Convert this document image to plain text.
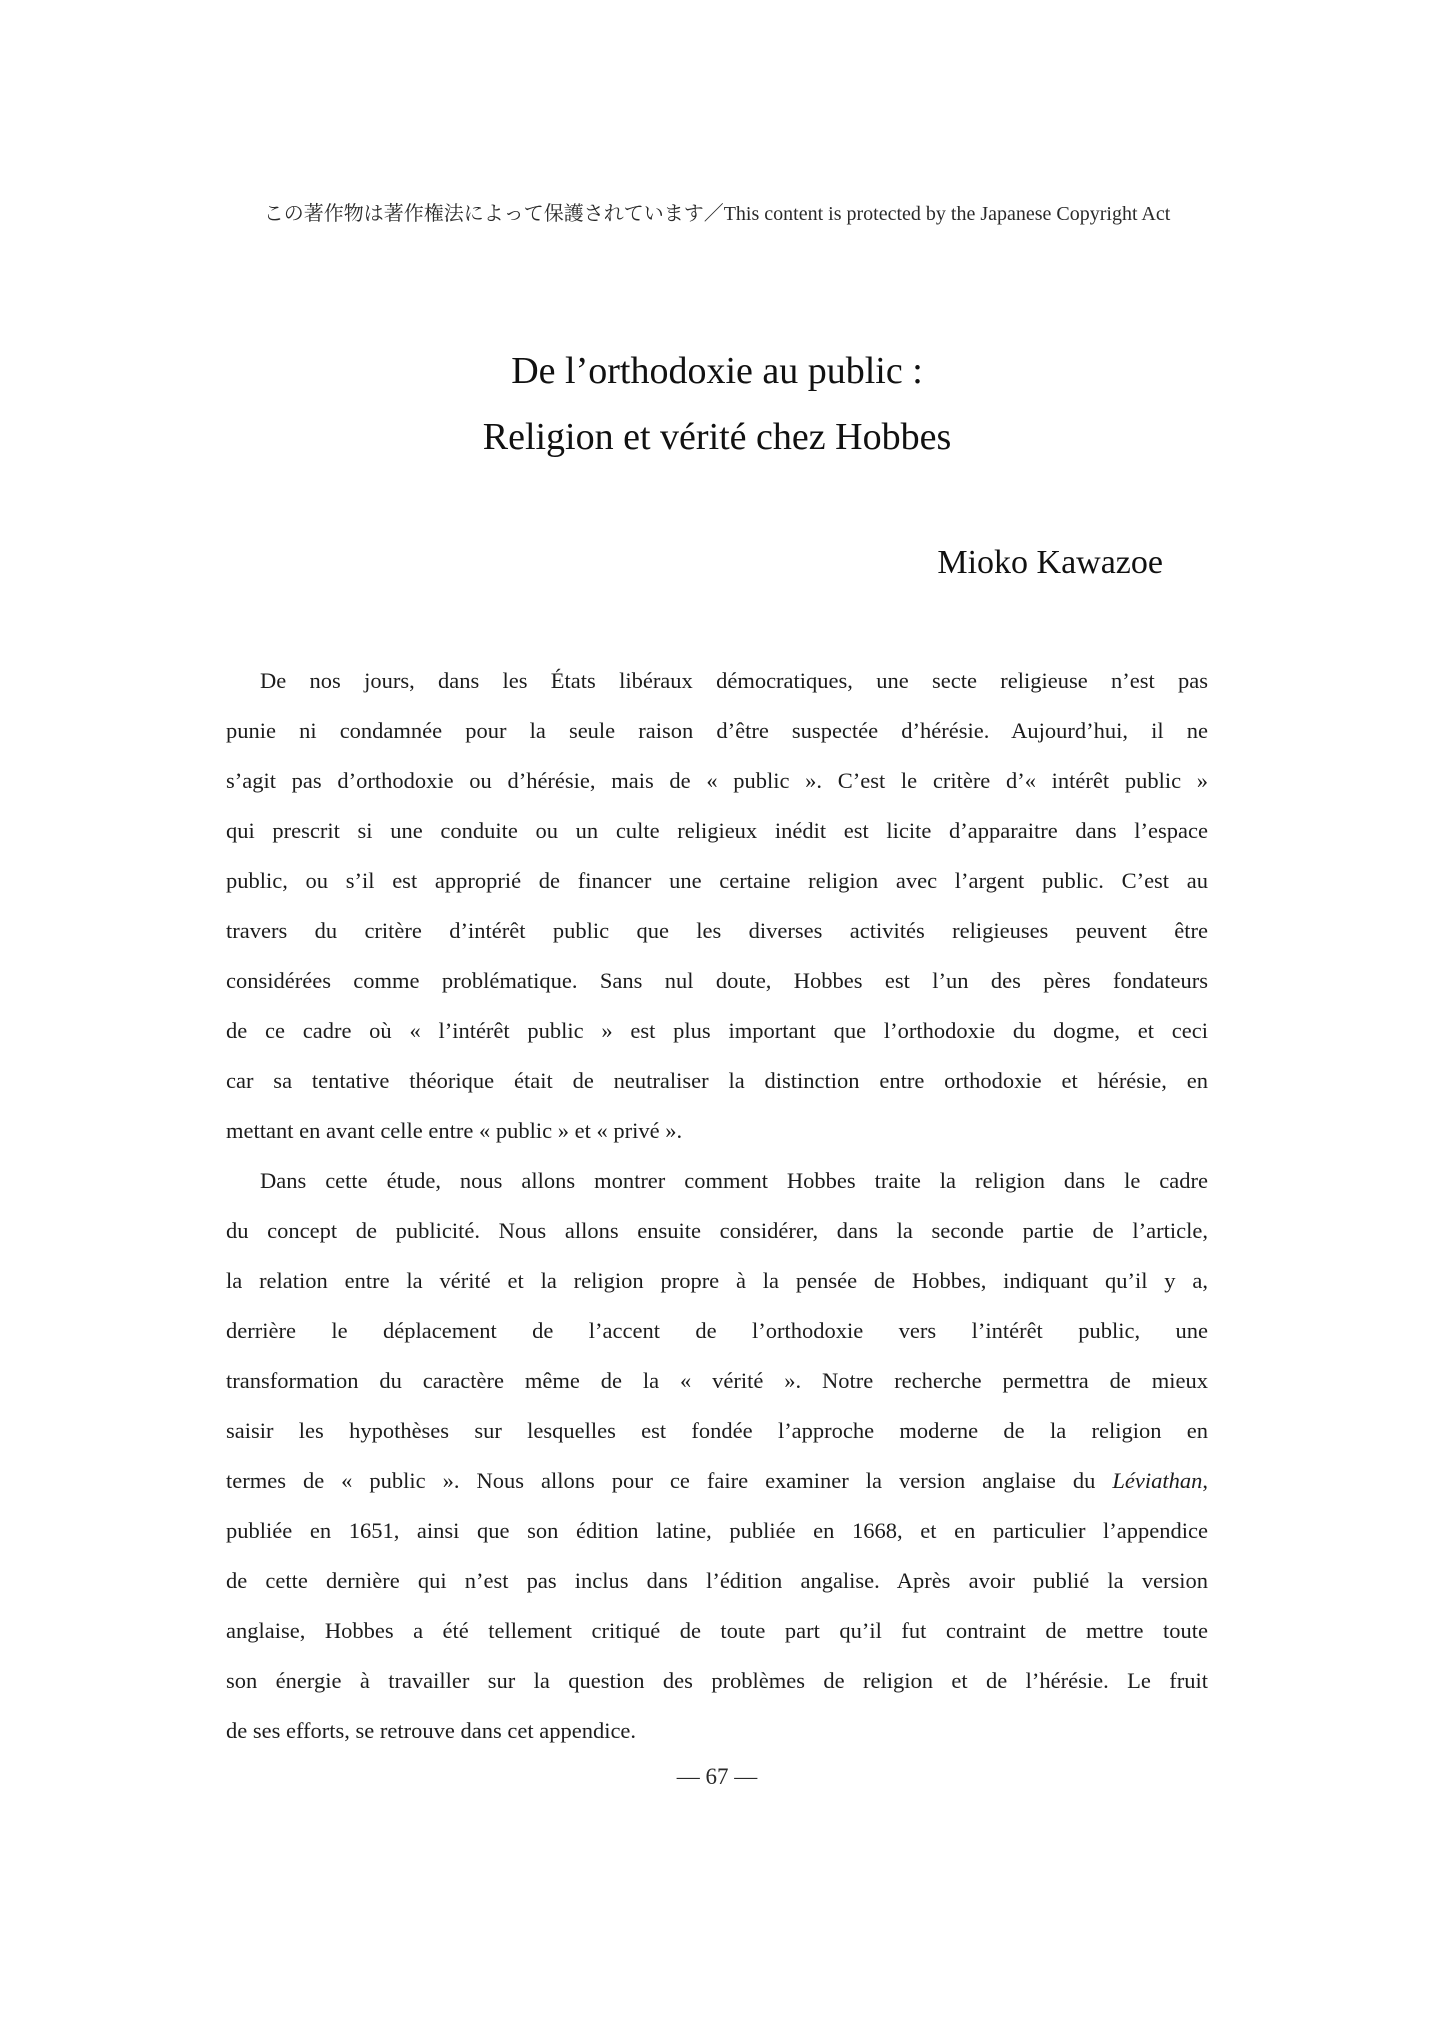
この著作物は著作権法によって保護されています／This content is protected by the Japanese Copyright Act
De l’orthodoxie au public :
Religion et vérité chez Hobbes
Mioko Kawazoe
De nos jours, dans les États libéraux démocratiques, une secte religieuse n’est pas
punie ni condamnée pour la seule raison d’être suspectée d’hérésie. Aujourd’hui, il ne
s’agit pas d’orthodoxie ou d’hérésie, mais de « public ». C’est le critère d’« intérêt public »
qui prescrit si une conduite ou un culte religieux inédit est licite d’apparaitre dans l’espace
public, ou s’il est approprié de financer une certaine religion avec l’argent public. C’est au
travers du critère d’intérêt public que les diverses activités religieuses peuvent être
considérées comme problématique. Sans nul doute, Hobbes est l’un des pères fondateurs
de ce cadre où « l’intérêt public » est plus important que l’orthodoxie du dogme, et ceci
car sa tentative théorique était de neutraliser la distinction entre orthodoxie et hérésie, en
mettant en avant celle entre « public » et « privé ».
Dans cette étude, nous allons montrer comment Hobbes traite la religion dans le cadre
du concept de publicité. Nous allons ensuite considérer, dans la seconde partie de l’article,
la relation entre la vérité et la religion propre à la pensée de Hobbes, indiquant qu’il y a,
derrière le déplacement de l’accent de l’orthodoxie vers l’intérêt public, une
transformation du caractère même de la « vérité ». Notre recherche permettra de mieux
saisir les hypothèses sur lesquelles est fondée l’approche moderne de la religion en
termes de « public ». Nous allons pour ce faire examiner la version anglaise du Léviathan,
publiée en 1651, ainsi que son édition latine, publiée en 1668, et en particulier l’appendice
de cette dernière qui n’est pas inclus dans l’édition angalise. Après avoir publié la version
anglaise, Hobbes a été tellement critiqué de toute part qu’il fut contraint de mettre toute
son énergie à travailler sur la question des problèmes de religion et de l’hérésie. Le fruit
de ses efforts, se retrouve dans cet appendice.
— 67 —
